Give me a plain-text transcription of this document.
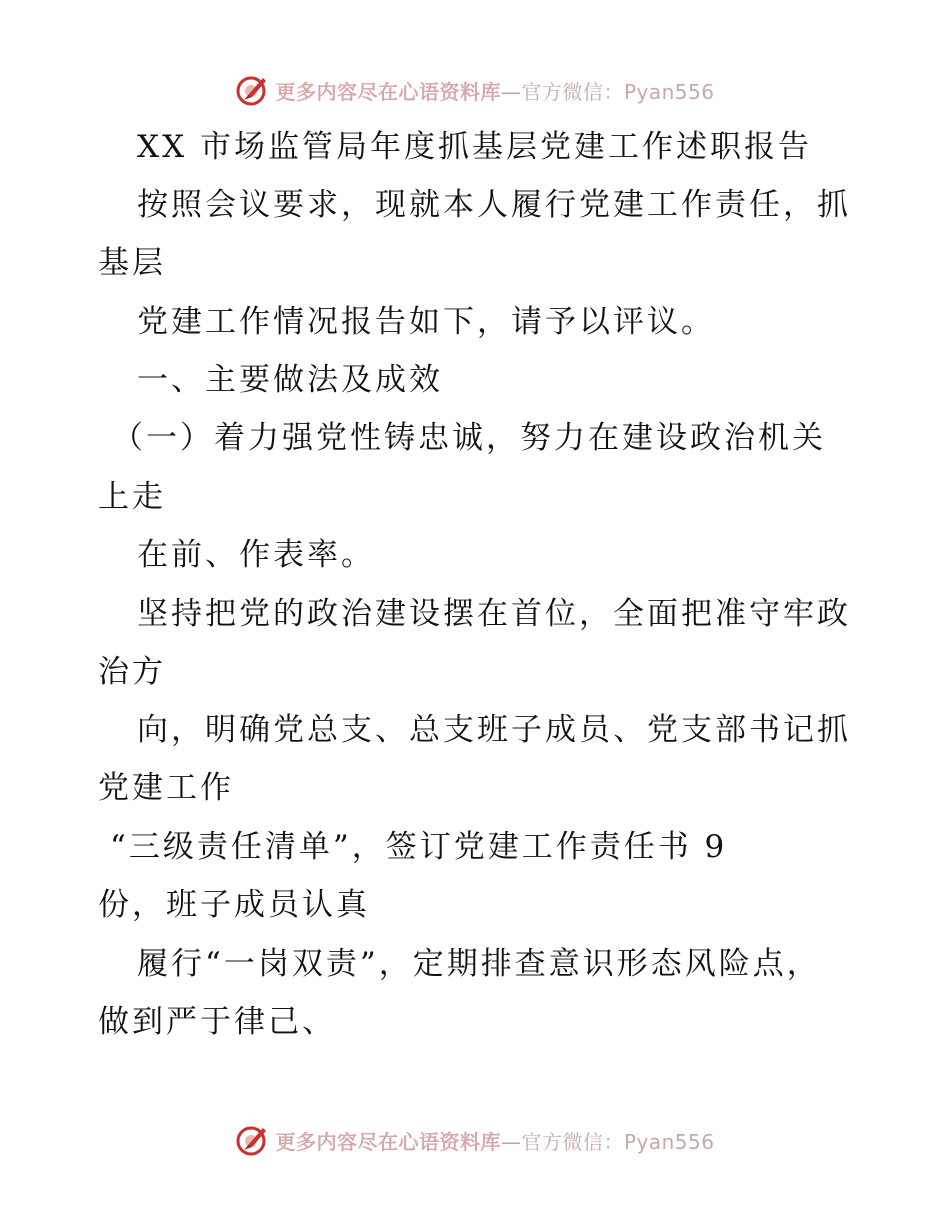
更多内容尽在心语资料库—官方微信：Pyan556
XX 市场监管局年度抓基层党建工作述职报告
按照会议要求，现就本人履行党建工作责任，抓
基层
党建工作情况报告如下，请予以评议。
一、主要做法及成效
（一）着力强党性铸忠诚，努力在建设政治机关
上走
在前、作表率。
坚持把党的政治建设摆在首位，全面把准守牢政
治方
向，明确党总支、总支班子成员、党支部书记抓
党建工作
“三级责任清单”，签订党建工作责任书 9
份，班子成员认真
履行“一岗双责”，定期排查意识形态风险点，
做到严于律己、
更多内容尽在心语资料库—官方微信：Pyan556
